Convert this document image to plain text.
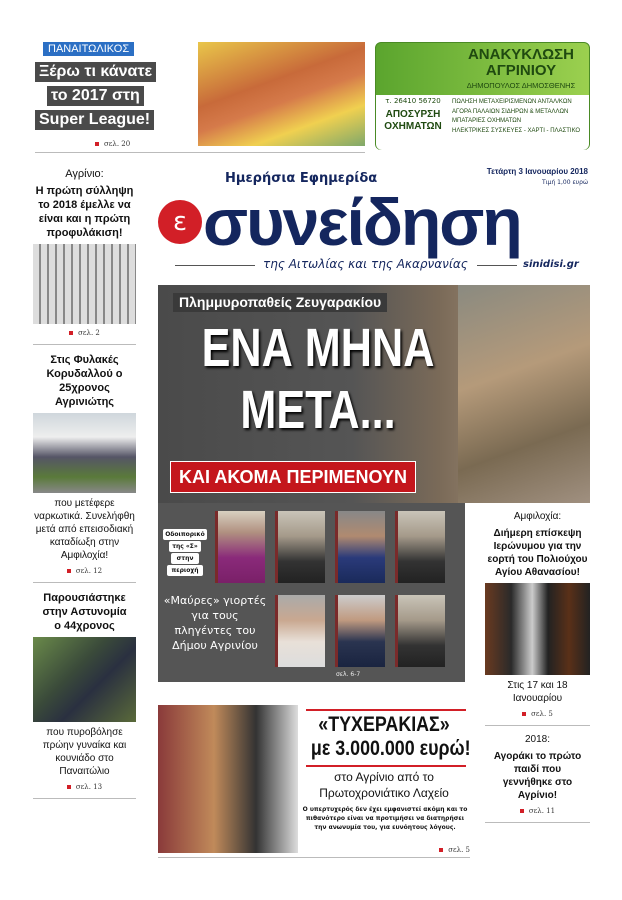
ΠΑΝΑΙΤΩΛΙΚΟΣ
Ξέρω τι κάνατε
το 2017 στη
Super League!
σελ. 20
ΑΝΑΚΥΚΛΩΣΗ
ΑΓΡΙΝΙΟΥ
ΔΗΜΟΠΟΥΛΟΣ ΔΗΜΟΣΘΕΝΗΣ
τ. 26410 56720
ΑΠΟΣΥΡΣΗ
ΟΧΗΜΑΤΩΝ
ΠΩΛΗΣΗ ΜΕΤΑΧΕΙΡΙΣΜΕΝΩΝ ΑΝΤΑΛ/ΚΩΝ
ΑΓΟΡΑ ΠΑΛΑΙΩΝ ΣΙΔΗΡΩΝ & ΜΕΤΑΛΛΩΝ
ΜΠΑΤΑΡΙΕΣ ΟΧΗΜΑΤΩΝ
ΗΛΕΚΤΡΙΚΕΣ ΣΥΣΚΕΥΕΣ - ΧΑΡΤΙ - ΠΛΑΣΤΙΚΟ
Ημερήσια Εφημερίδα	Τετάρτη 3 Ιανουαρίου 2018
Τιμή 1,00 ευρώ
ɛ συνείδηση
της Αιτωλίας και της Ακαρνανίας	sinidisi.gr
Αγρίνιο:
Η πρώτη σύλληψη το 2018 έμελλε να είναι και η πρώτη προφυλάκιση!
σελ. 2
Στις Φυλακές Κορυδαλλού ο 25χρονος Αγρινιώτης
που μετέφερε ναρκωτικά. Συνελήφθη μετά από επεισοδιακή καταδίωξη στην Αμφιλοχία!
σελ. 12
Παρουσιάστηκε στην Αστυνομία ο 44χρονος
που πυροβόλησε πρώην γυναίκα και κουνιάδο στο Παναιτώλιο
σελ. 13
Πλημμυροπαθείς Ζευγαρακίου
ΕΝΑ ΜΗΝΑ
ΜΕΤΑ...
ΚΑΙ ΑΚΟΜΑ ΠΕΡΙΜΕΝΟΥΝ
Οδοιπορικό
της «Σ»
στην
περιοχή
«Μαύρες» γιορτές για τους πληγέντες του Δήμου Αγρινίου
σελ. 6-7
«ΤΥΧΕΡΑΚΙΑΣ»
με 3.000.000 ευρώ!
στο Αγρίνιο από το Πρωτοχρονιάτικο Λαχείο
Ο υπερτυχερός δεν έχει εμφανιστεί ακόμη και το πιθανότερο είναι να προτιμήσει να διατηρήσει την ανωνυμία του, για ευνόητους λόγους.
σελ. 5
Αμφιλοχία:
Διήμερη επίσκεψη Ιερώνυμου για την εορτή του Πολιούχου Αγίου Αθανασίου!
Στις 17 και 18 Ιανουαρίου
σελ. 5
2018:
Αγοράκι το πρώτο παιδί που γεννήθηκε στο Αγρίνιο!
σελ. 11
